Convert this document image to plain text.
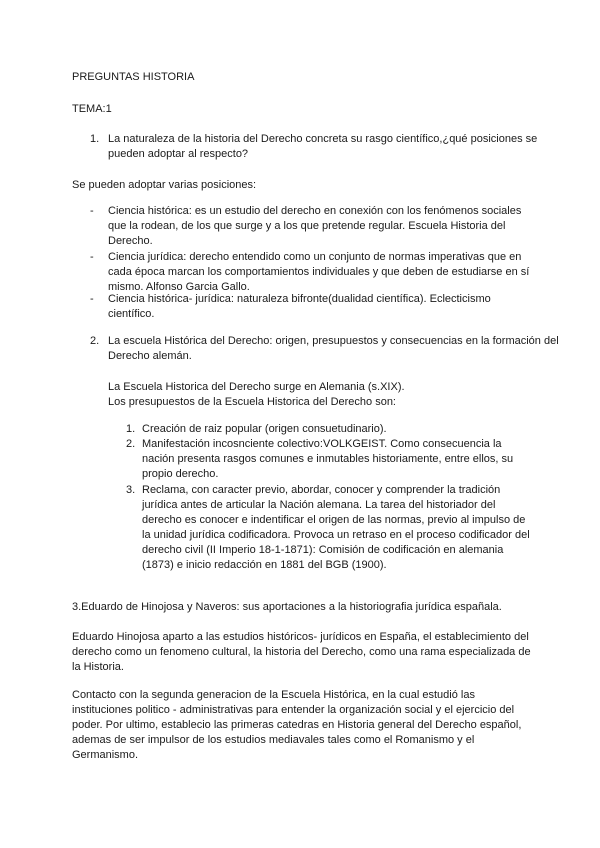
PREGUNTAS HISTORIA
TEMA:1
1. La naturaleza de la historia del Derecho concreta su rasgo científico,¿qué posiciones se pueden adoptar al respecto?
Se pueden adoptar varias posiciones:
- Ciencia histórica: es un estudio del derecho en conexión con los fenómenos sociales que la rodean, de los que surge y a los que pretende regular. Escuela Historia del Derecho.
- Ciencia jurídica: derecho entendido como un conjunto de normas imperativas que en cada época marcan los comportamientos individuales y que deben de estudiarse en sí mismo. Alfonso Garcia Gallo.
- Ciencia histórica- jurídica: naturaleza bifronte(dualidad científica). Eclecticismo científico.
2. La escuela Histórica del Derecho: origen, presupuestos y consecuencias en la formación del Derecho alemán.
La Escuela Historica del Derecho surge en Alemania (s.XIX).
Los presupuestos de la Escuela Historica del Derecho son:
1. Creación de raiz popular (origen consuetudinario).
2. Manifestación incosnciente colectivo:VOLKGEIST. Como consecuencia la nación presenta rasgos comunes e inmutables historiamente, entre ellos, su propio derecho.
3. Reclama, con caracter previo, abordar, conocer y comprender la tradición jurídica antes de articular la Nación alemana. La tarea del historiador del derecho es conocer e indentificar el origen de las normas, previo al impulso de la unidad jurídica codificadora. Provoca un retraso en el proceso codificador del derecho civil (II Imperio 18-1-1871): Comisión de codificación en alemania (1873) e inicio redacción en 1881 del BGB (1900).
3.Eduardo de Hinojosa y Naveros: sus aportaciones a la historiografia jurídica españala.
Eduardo Hinojosa aparto a las estudios históricos- jurídicos en España, el establecimiento del derecho como un fenomeno cultural, la historia del Derecho, como una rama especializada de la Historia.
Contacto con la segunda generacion de la Escuela Histórica, en la cual estudió las instituciones politico - administrativas para entender la organización social y el ejercicio del poder. Por ultimo, establecio las primeras catedras en Historia general del Derecho español, ademas de ser impulsor de los estudios mediavales tales como el Romanismo y el Germanismo.
